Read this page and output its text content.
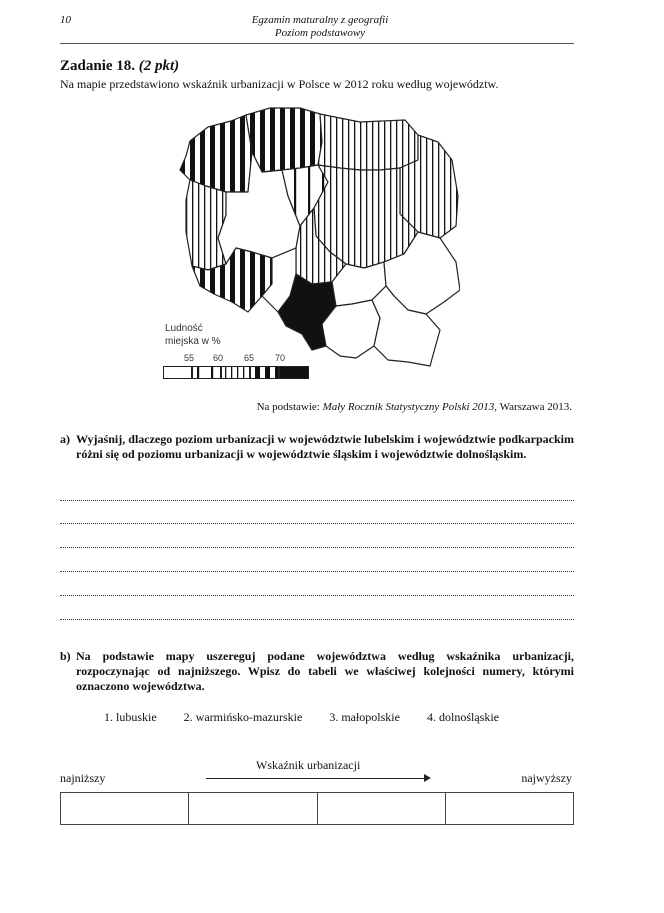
10	Egzamin maturalny z geografii
Poziom podstawowy
Zadanie 18. (2 pkt)
Na mapie przedstawiono wskaźnik urbanizacji w Polsce w 2012 roku według województw.
Ludność
miejska w %
55 60 65 70
Na podstawie: Mały Rocznik Statystyczny Polski 2013, Warszawa 2013.
a) Wyjaśnij, dlaczego poziom urbanizacji w województwie lubelskim i województwie podkarpackim różni się od poziomu urbanizacji w województwie śląskim i województwie dolnośląskim.
b) Na podstawie mapy uszereguj podane województwa według wskaźnika urbanizacji, rozpoczynając od najniższego. Wpisz do tabeli we właściwej kolejności numery, którymi oznaczono województwa.
1. lubuskie 2. warmińsko-mazurskie 3. małopolskie 4. dolnośląskie
Wskaźnik urbanizacji
najniższy	najwyższy
